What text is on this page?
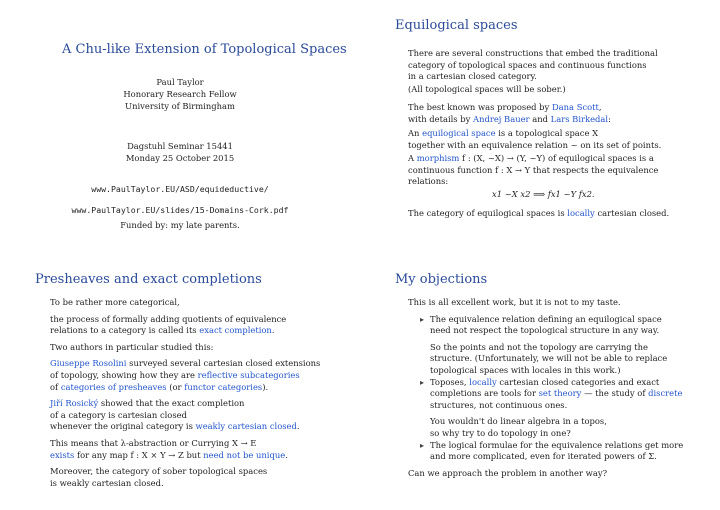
A Chu-like Extension of Topological Spaces
Paul Taylor
Honorary Research Fellow
University of Birmingham
Dagstuhl Seminar 15441
Monday 25 October 2015
www.PaulTaylor.EU/ASD/equideductive/
www.PaulTaylor.EU/slides/15-Domains-Cork.pdf
Funded by: my late parents.
Equilogical spaces
There are several constructions that embed the traditional
category of topological spaces and continuous functions
in a cartesian closed category.
(All topological spaces will be sober.)
The best known was proposed by Dana Scott,
with details by Andrej Bauer and Lars Birkedal:
An equilogical space is a topological space X
together with an equivalence relation ~ on its set of points.
A morphism f : (X, ~X) → (Y, ~Y) of equilogical spaces is a
continuous function f : X → Y that respects the equivalence
relations:
x1 ~X x2 ⟹ fx1 ~Y fx2.
The category of equilogical spaces is locally cartesian closed.
Presheaves and exact completions
To be rather more categorical,
the process of formally adding quotients of equivalence
relations to a category is called its exact completion.
Two authors in particular studied this:
Giuseppe Rosolini surveyed several cartesian closed extensions
of topology, showing how they are reflective subcategories
of categories of presheaves (or functor categories).
Jiří Rosický showed that the exact completion
of a category is cartesian closed
whenever the original category is weakly cartesian closed.
This means that λ-abstraction or Currying X → E
exists for any map f : X × Y → Z but need not be unique.
Moreover, the category of sober topological spaces
is weakly cartesian closed.
My objections
This is all excellent work, but it is not to my taste.
▸ The equivalence relation defining an equilogical space
need not respect the topological structure in any way.
So the points and not the topology are carrying the
structure. (Unfortunately, we will not be able to replace
topological spaces with locales in this work.)
▸ Toposes, locally cartesian closed categories and exact
completions are tools for set theory — the study of discrete
structures, not continuous ones.
You wouldn't do linear algebra in a topos,
so why try to do topology in one?
▸ The logical formulae for the equivalence relations get more
and more complicated, even for iterated powers of Σ.
Can we approach the problem in another way?
